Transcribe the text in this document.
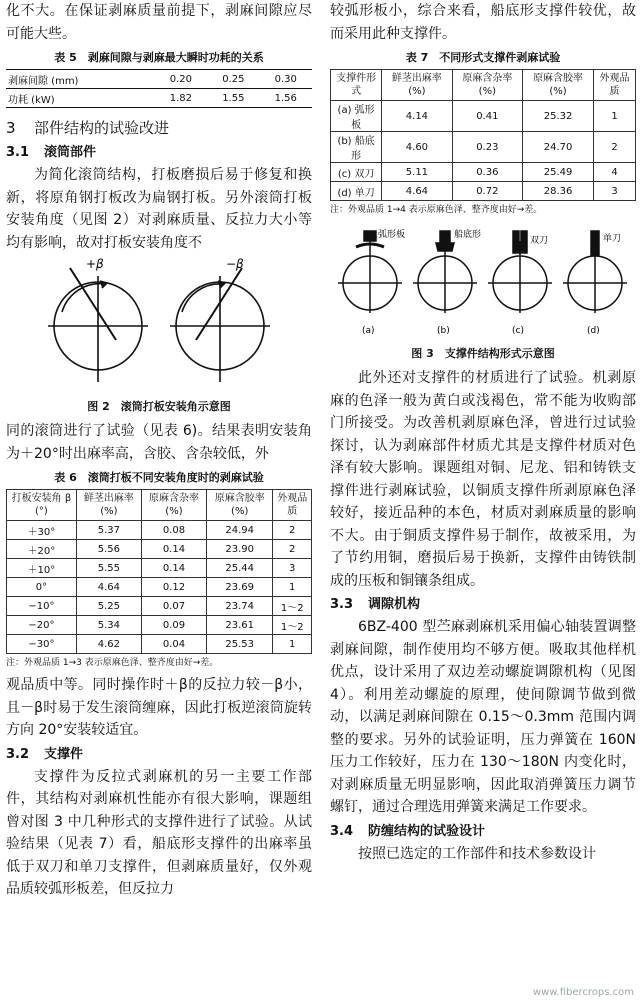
化不大。在保证剥麻质量前提下，剥麻间隙应尽可能大些。

表 5　剥麻间隙与剥麻最大瞬时功耗的关系
剥麻间隙 (mm)	0.20	0.25	0.30
功耗 (kW)	1.82	1.55	1.56
3 部件结构的试验改进
3.1 滚筒部件

为简化滚筒结构，打板磨损后易于修复和换新，将原角钢打板改为扁钢打板。另外滚筒打板安装角度（见图 2）对剥麻质量、反拉力大小等均有影响，故对打板安装角度不

+β	−β
图 2　滚筒打板安装角示意图

同的滚筒进行了试验（见表 6)。结果表明安装角为＋20°时出麻率高，含胶、含杂较低，外

表 6　滚筒打板不同安装角度时的剥麻试验
打板安装角 β (°)	鲜茎出麻率 (%)	原麻含杂率 (%)	原麻含胶率 (%)	外观品质
＋30°	5.37	0.08	24.94	2
＋20°	5.56	0.14	23.90	2
＋10°	5.55	0.14	25.44	3
0°	4.64	0.12	23.69	1
−10°	5.25	0.07	23.74	1～2
−20°	5.34	0.09	23.61	1～2
−30°	4.62	0.04	25.53	1
注：外观品质 1→3 表示原麻色泽、整齐度由好→差。

观品质中等。同时操作时＋β的反拉力较－β小，且－β时易于发生滚筒缠麻，因此打板逆滚筒旋转方向 20°安装较适宜。

3.2 支撑件

支撑件为反拉式剥麻机的另一主要工作部件，其结构对剥麻机性能亦有很大影响，课题组曾对图 3 中几种形式的支撑件进行了试验。从试验结果（见表 7）看，船底形支撑件的出麻率虽低于双刀和单刀支撑件，但剥麻质量好，仅外观品质较弧形板差，但反拉力

较弧形板小，综合来看，船底形支撑件较优，故而采用此种支撑件。

表 7　不同形式支撑件剥麻试验
支撑件形式	鲜茎出麻率 (%)	原麻含杂率 (%)	原麻含胶率 (%)	外观品质
(a) 弧形板	4.14	0.41	25.32	1
(b) 船底形	4.60	0.23	24.70	2
(c) 双刀	5.11	0.36	25.49	4
(d) 单刀	4.64	0.72	28.36	3
注：外观品质 1→4 表示原麻色泽、整齐度由好→差。
弧形板	船底形
双刀	单刀
(a)	(b)	(c)	(d)
图 3　支撑件结构形式示意图

此外还对支撑件的材质进行了试验。机剥原麻的色泽一般为黄白或浅褐色，常不能为收购部门所接受。为改善机剥原麻色泽，曾进行过试验探讨，认为剥麻部件材质尤其是支撑件材质对色泽有较大影响。课题组对铜、尼龙、铝和铸铁支撑件进行剥麻试验，以铜质支撑件所剥原麻色泽较好，接近品种的本色，材质对剥麻质量的影响不大。由于铜质支撑件易于制作，故被采用，为了节约用铜，磨损后易于换新，支撑件由铸铁制成的压板和铜镶条组成。

3.3 调隙机构

6BZ-400 型苎麻剥麻机采用偏心轴装置调整剥麻间隙，制作使用均不够方便。吸取其他样机优点，设计采用了双边差动螺旋调隙机构（见图 4）。利用差动螺旋的原理，使间隙调节做到微动，以满足剥麻间隙在 0.15～0.3mm 范围内调整的要求。另外的试验证明，压力弹簧在 160N 压力工作较好，压力在 130～180N 内变化时，对剥麻质量无明显影响，因此取消弹簧压力调节螺钉，通过合理选用弹簧来满足工作要求。

3.4 防缠结构的试验设计

按照已选定的工作部件和技术参数设计

www.fibercrops.com
